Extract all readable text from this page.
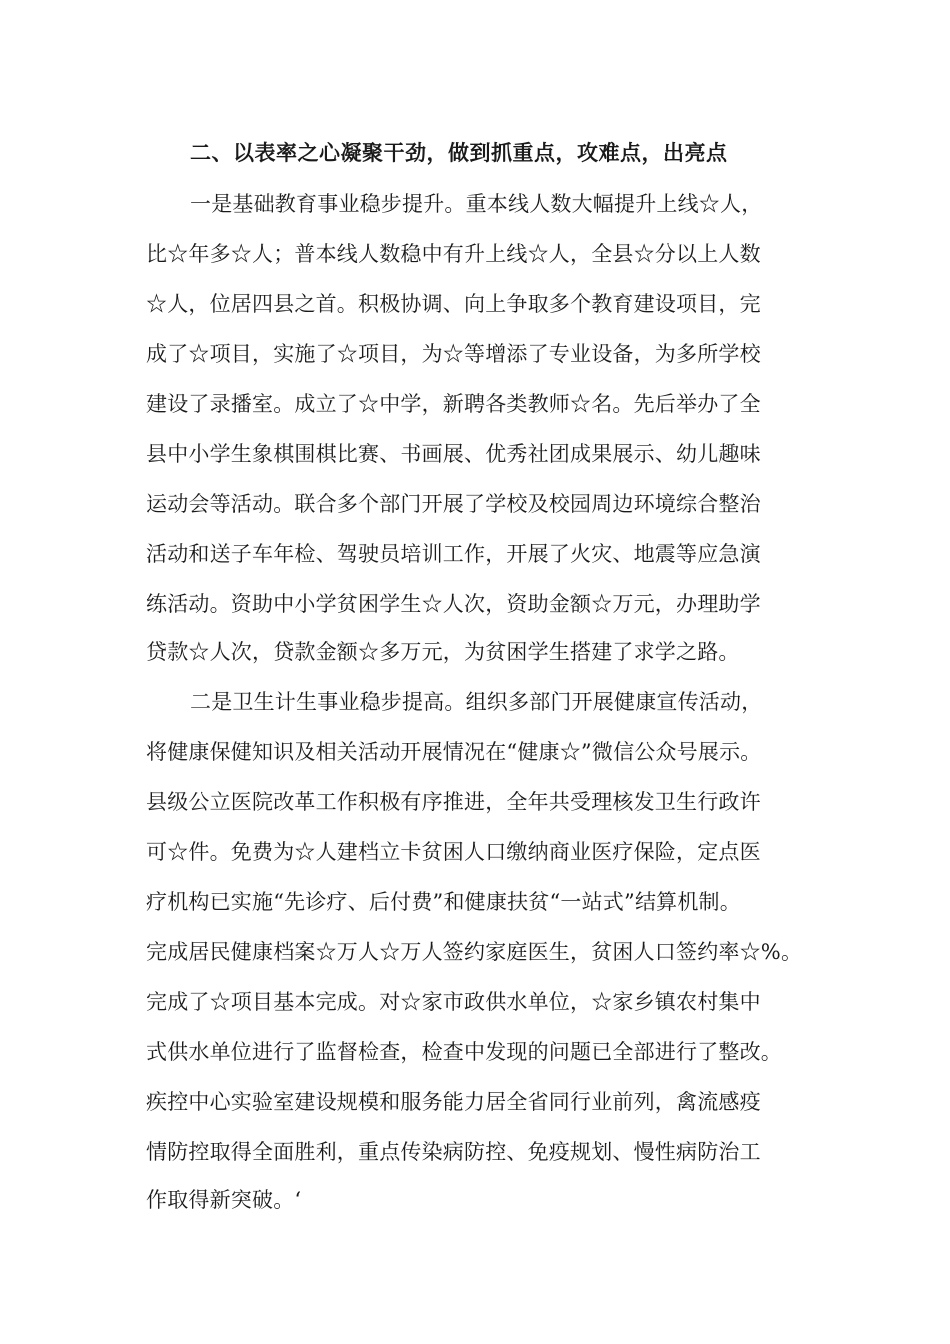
二、以表率之心凝聚干劲，做到抓重点，攻难点，出亮点
一是基础教育事业稳步提升。重本线人数大幅提升上线☆人，
比☆年多☆人；普本线人数稳中有升上线☆人，全县☆分以上人数
☆人，位居四县之首。积极协调、向上争取多个教育建设项目，完
成了☆项目，实施了☆项目，为☆等增添了专业设备，为多所学校
建设了录播室。成立了☆中学，新聘各类教师☆名。先后举办了全
县中小学生象棋围棋比赛、书画展、优秀社团成果展示、幼儿趣味
运动会等活动。联合多个部门开展了学校及校园周边环境综合整治
活动和送子车年检、驾驶员培训工作，开展了火灾、地震等应急演
练活动。资助中小学贫困学生☆人次，资助金额☆万元，办理助学
贷款☆人次，贷款金额☆多万元，为贫困学生搭建了求学之路。
二是卫生计生事业稳步提高。组织多部门开展健康宣传活动，
将健康保健知识及相关活动开展情况在“健康☆”微信公众号展示。
县级公立医院改革工作积极有序推进，全年共受理核发卫生行政许
可☆件。免费为☆人建档立卡贫困人口缴纳商业医疗保险，定点医
疗机构已实施“先诊疗、后付费”和健康扶贫“一站式”结算机制。
完成居民健康档案☆万人☆万人签约家庭医生，贫困人口签约率☆%。
完成了☆项目基本完成。对☆家市政供水单位，☆家乡镇农村集中
式供水单位进行了监督检查，检查中发现的问题已全部进行了整改。
疾控中心实验室建设规模和服务能力居全省同行业前列，禽流感疫
情防控取得全面胜利，重点传染病防控、免疫规划、慢性病防治工
作取得新突破。‘
